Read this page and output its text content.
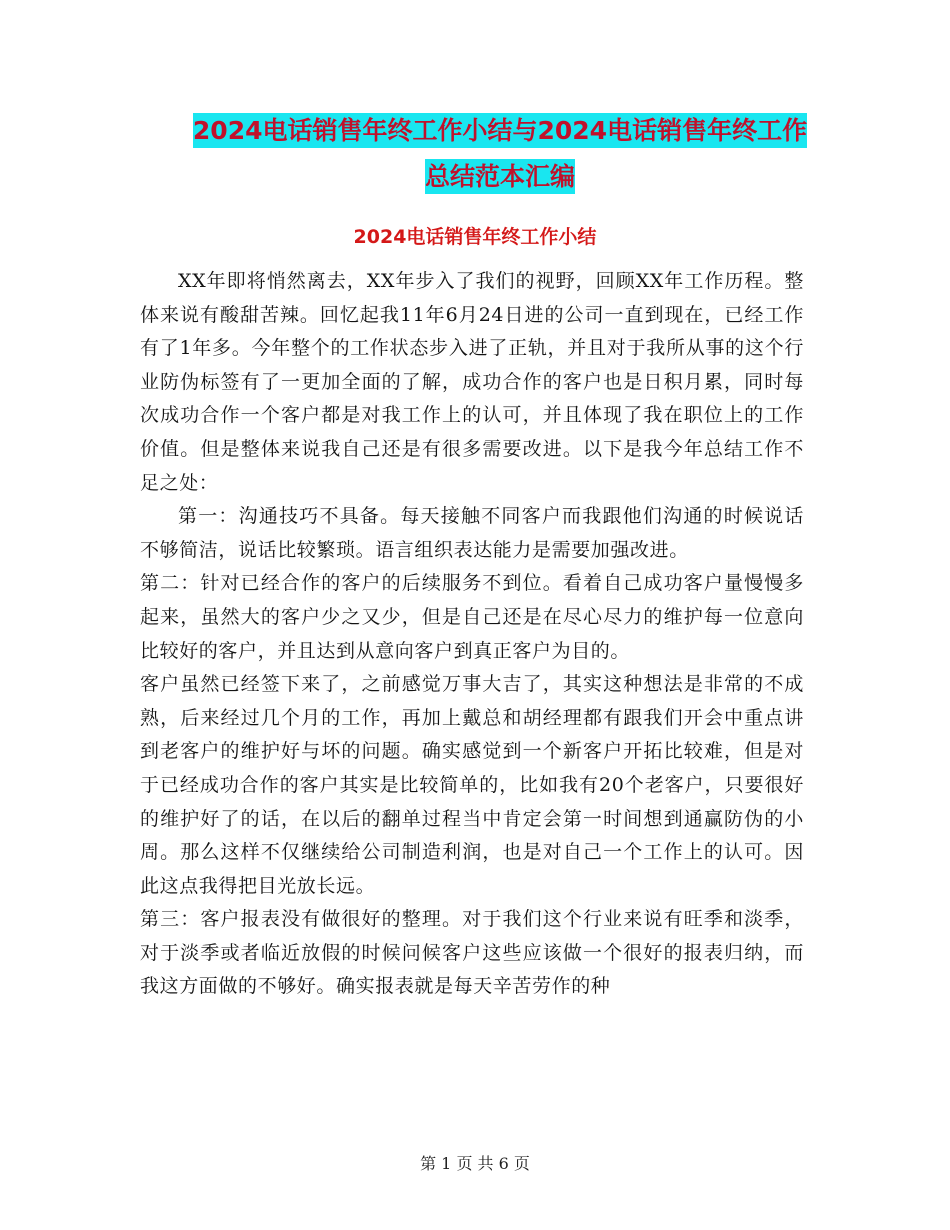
2024电话销售年终工作小结与2024电话销售年终工作
总结范本汇编
2024电话销售年终工作小结

XX年即将悄然离去，XX年步入了我们的视野，回顾XX年工作历程。整体来说有酸甜苦辣。回忆起我11年6月24日进的公司一直到现在，已经工作有了1年多。今年整个的工作状态步入进了正轨，并且对于我所从事的这个行业防伪标签有了一更加全面的了解，成功合作的客户也是日积月累，同时每次成功合作一个客户都是对我工作上的认可，并且体现了我在职位上的工作价值。但是整体来说我自己还是有很多需要改进。以下是我今年总结工作不足之处：

第一：沟通技巧不具备。每天接触不同客户而我跟他们沟通的时候说话不够简洁，说话比较繁琐。语言组织表达能力是需要加强改进。

第二：针对已经合作的客户的后续服务不到位。看着自己成功客户量慢慢多起来，虽然大的客户少之又少，但是自己还是在尽心尽力的维护每一位意向比较好的客户，并且达到从意向客户到真正客户为目的。

客户虽然已经签下来了，之前感觉万事大吉了，其实这种想法是非常的不成熟，后来经过几个月的工作，再加上戴总和胡经理都有跟我们开会中重点讲到老客户的维护好与坏的问题。确实感觉到一个新客户开拓比较难，但是对于已经成功合作的客户其实是比较简单的，比如我有20个老客户，只要很好的维护好了的话，在以后的翻单过程当中肯定会第一时间想到通赢防伪的小周。那么这样不仅继续给公司制造利润，也是对自己一个工作上的认可。因此这点我得把目光放长远。

第三：客户报表没有做很好的整理。对于我们这个行业来说有旺季和淡季，对于淡季或者临近放假的时候问候客户这些应该做一个很好的报表归纳，而我这方面做的不够好。确实报表就是每天辛苦劳作的种

第 1 页 共 6 页
